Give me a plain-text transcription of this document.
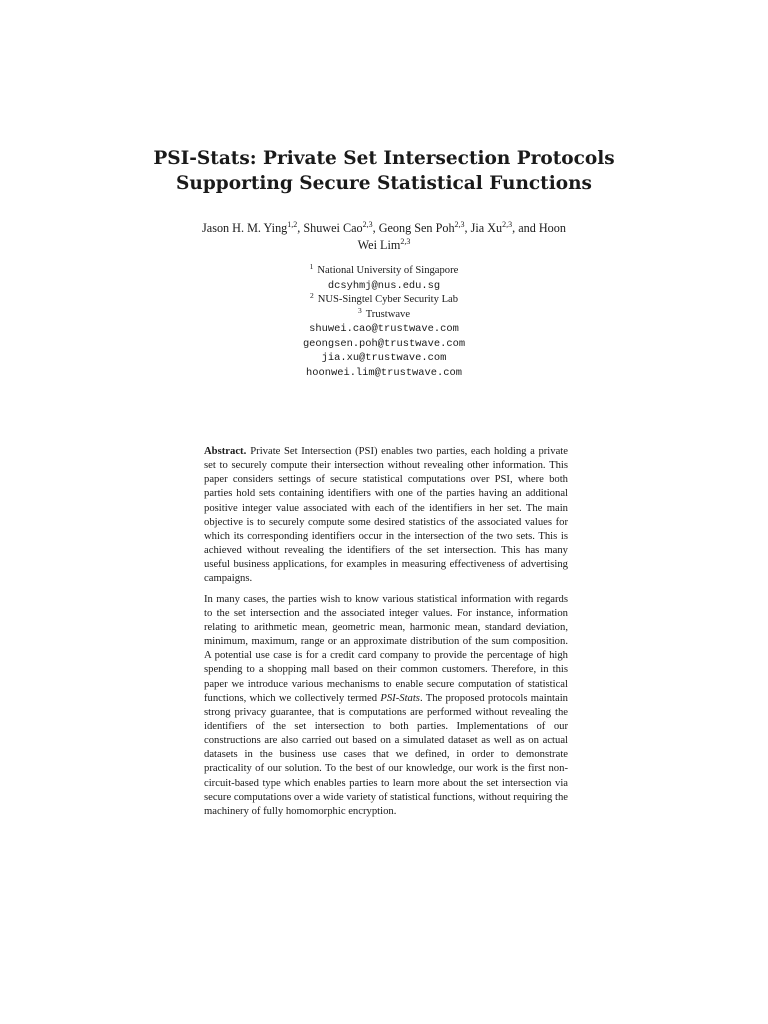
PSI-Stats: Private Set Intersection Protocols
Supporting Secure Statistical Functions
Jason H. M. Ying$^{1,2}$, Shuwei Cao$^{2,3}$, Geong Sen Poh$^{2,3}$, Jia Xu$^{2,3}$, and Hoon
Wei Lim$^{2,3}$
$^1$ National University of Singapore
dcsyhmj@nus.edu.sg
$^2$ NUS-Singtel Cyber Security Lab
$^3$ Trustwave
shuwei.cao@trustwave.com
geongsen.poh@trustwave.com
jia.xu@trustwave.com
hoonwei.lim@trustwave.com

Abstract. Private Set Intersection (PSI) enables two parties, each holding a private set to securely compute their intersection without revealing other information. This paper considers settings of secure statistical computations over PSI, where both parties hold sets containing identifiers with one of the parties having an additional positive integer value associated with each of the identifiers in her set. The main objective is to securely compute some desired statistics of the associated values for which its corresponding identifiers occur in the intersection of the two sets. This is achieved without revealing the identifiers of the set intersection. This has many useful business applications, for examples in measuring effectiveness of advertising campaigns.

In many cases, the parties wish to know various statistical information with regards to the set intersection and the associated integer values. For instance, information relating to arithmetic mean, geometric mean, harmonic mean, standard deviation, minimum, maximum, range or an approximate distribution of the sum composition. A potential use case is for a credit card company to provide the percentage of high spending to a shopping mall based on their common customers. Therefore, in this paper we introduce various mechanisms to enable secure computation of statistical functions, which we collectively termed PSI-Stats. The proposed protocols maintain strong privacy guarantee, that is computations are performed without revealing the identifiers of the set intersection to both parties. Implementations of our constructions are also carried out based on a simulated dataset as well as on actual datasets in the business use cases that we defined, in order to demonstrate practicality of our solution. To the best of our knowledge, our work is the first non-circuit-based type which enables parties to learn more about the set intersection via secure computations over a wide variety of statistical functions, without requiring the machinery of fully homomorphic encryption.
